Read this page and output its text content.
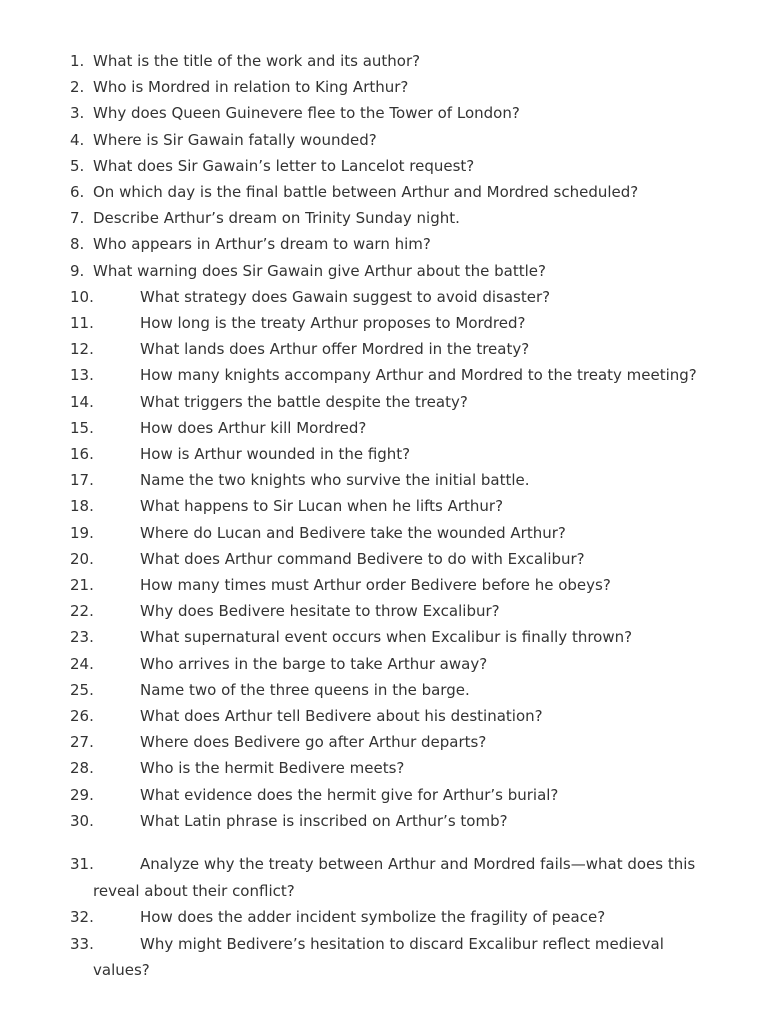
1. What is the title of the work and its author?
2. Who is Mordred in relation to King Arthur?
3. Why does Queen Guinevere flee to the Tower of London?
4. Where is Sir Gawain fatally wounded?
5. What does Sir Gawain’s letter to Lancelot request?
6. On which day is the final battle between Arthur and Mordred scheduled?
7. Describe Arthur’s dream on Trinity Sunday night.
8. Who appears in Arthur’s dream to warn him?
9. What warning does Sir Gawain give Arthur about the battle?
10.	What strategy does Gawain suggest to avoid disaster?
11.	How long is the treaty Arthur proposes to Mordred?
12.	What lands does Arthur offer Mordred in the treaty?
13.	How many knights accompany Arthur and Mordred to the treaty meeting?
14.	What triggers the battle despite the treaty?
15.	How does Arthur kill Mordred?
16.	How is Arthur wounded in the fight?
17.	Name the two knights who survive the initial battle.
18.	What happens to Sir Lucan when he lifts Arthur?
19.	Where do Lucan and Bedivere take the wounded Arthur?
20.	What does Arthur command Bedivere to do with Excalibur?
21.	How many times must Arthur order Bedivere before he obeys?
22.	Why does Bedivere hesitate to throw Excalibur?
23.	What supernatural event occurs when Excalibur is finally thrown?
24.	Who arrives in the barge to take Arthur away?
25.	Name two of the three queens in the barge.
26.	What does Arthur tell Bedivere about his destination?
27.	Where does Bedivere go after Arthur departs?
28.	Who is the hermit Bedivere meets?
29.	What evidence does the hermit give for Arthur’s burial?
30.	What Latin phrase is inscribed on Arthur’s tomb?
31.	Analyze why the treaty between Arthur and Mordred fails—what does this reveal about their conflict?
32.	How does the adder incident symbolize the fragility of peace?
33.	Why might Bedivere’s hesitation to discard Excalibur reflect medieval values?
